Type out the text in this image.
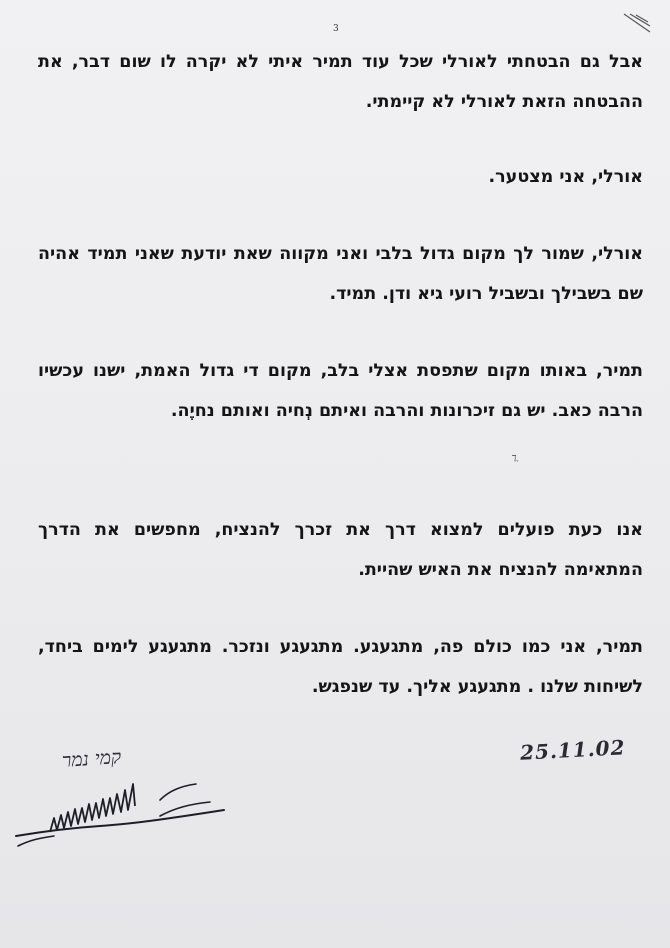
3

אבל גם הבטחתי לאורלי שכל עוד תמיר איתי לא יקרה לו שום דבר, את ההבטחה הזאת לאורלי לא קיימתי.

אורלי, אני מצטער.

אורלי, שמור לך מקום גדול בלבי ואני מקווה שאת יודעת שאני תמיד אהיה שם בשבילך ובשביל רועי גיא ודן. תמיד.

תמיר, באותו מקום שתפסת אצלי בלב, מקום די גדול האמת, ישנו עכשיו הרבה כאב. יש גם זיכרונות והרבה ואיתם נְחיה ואותם נחיֶה.

דֶ ֶ

אנו כעת פועלים למצוא דרך את זכרך להנציח, מחפשים את הדרך המתאימה להנציח את האיש שהיית.

תמיר, אני כמו כולם פה, מתגעגע. מתגעגע ונזכר. מתגעגע לימים ביחד, לשיחות שלנו . מתגעגע אליך. עד שנפגש.

25.11.02
קמי נמר
